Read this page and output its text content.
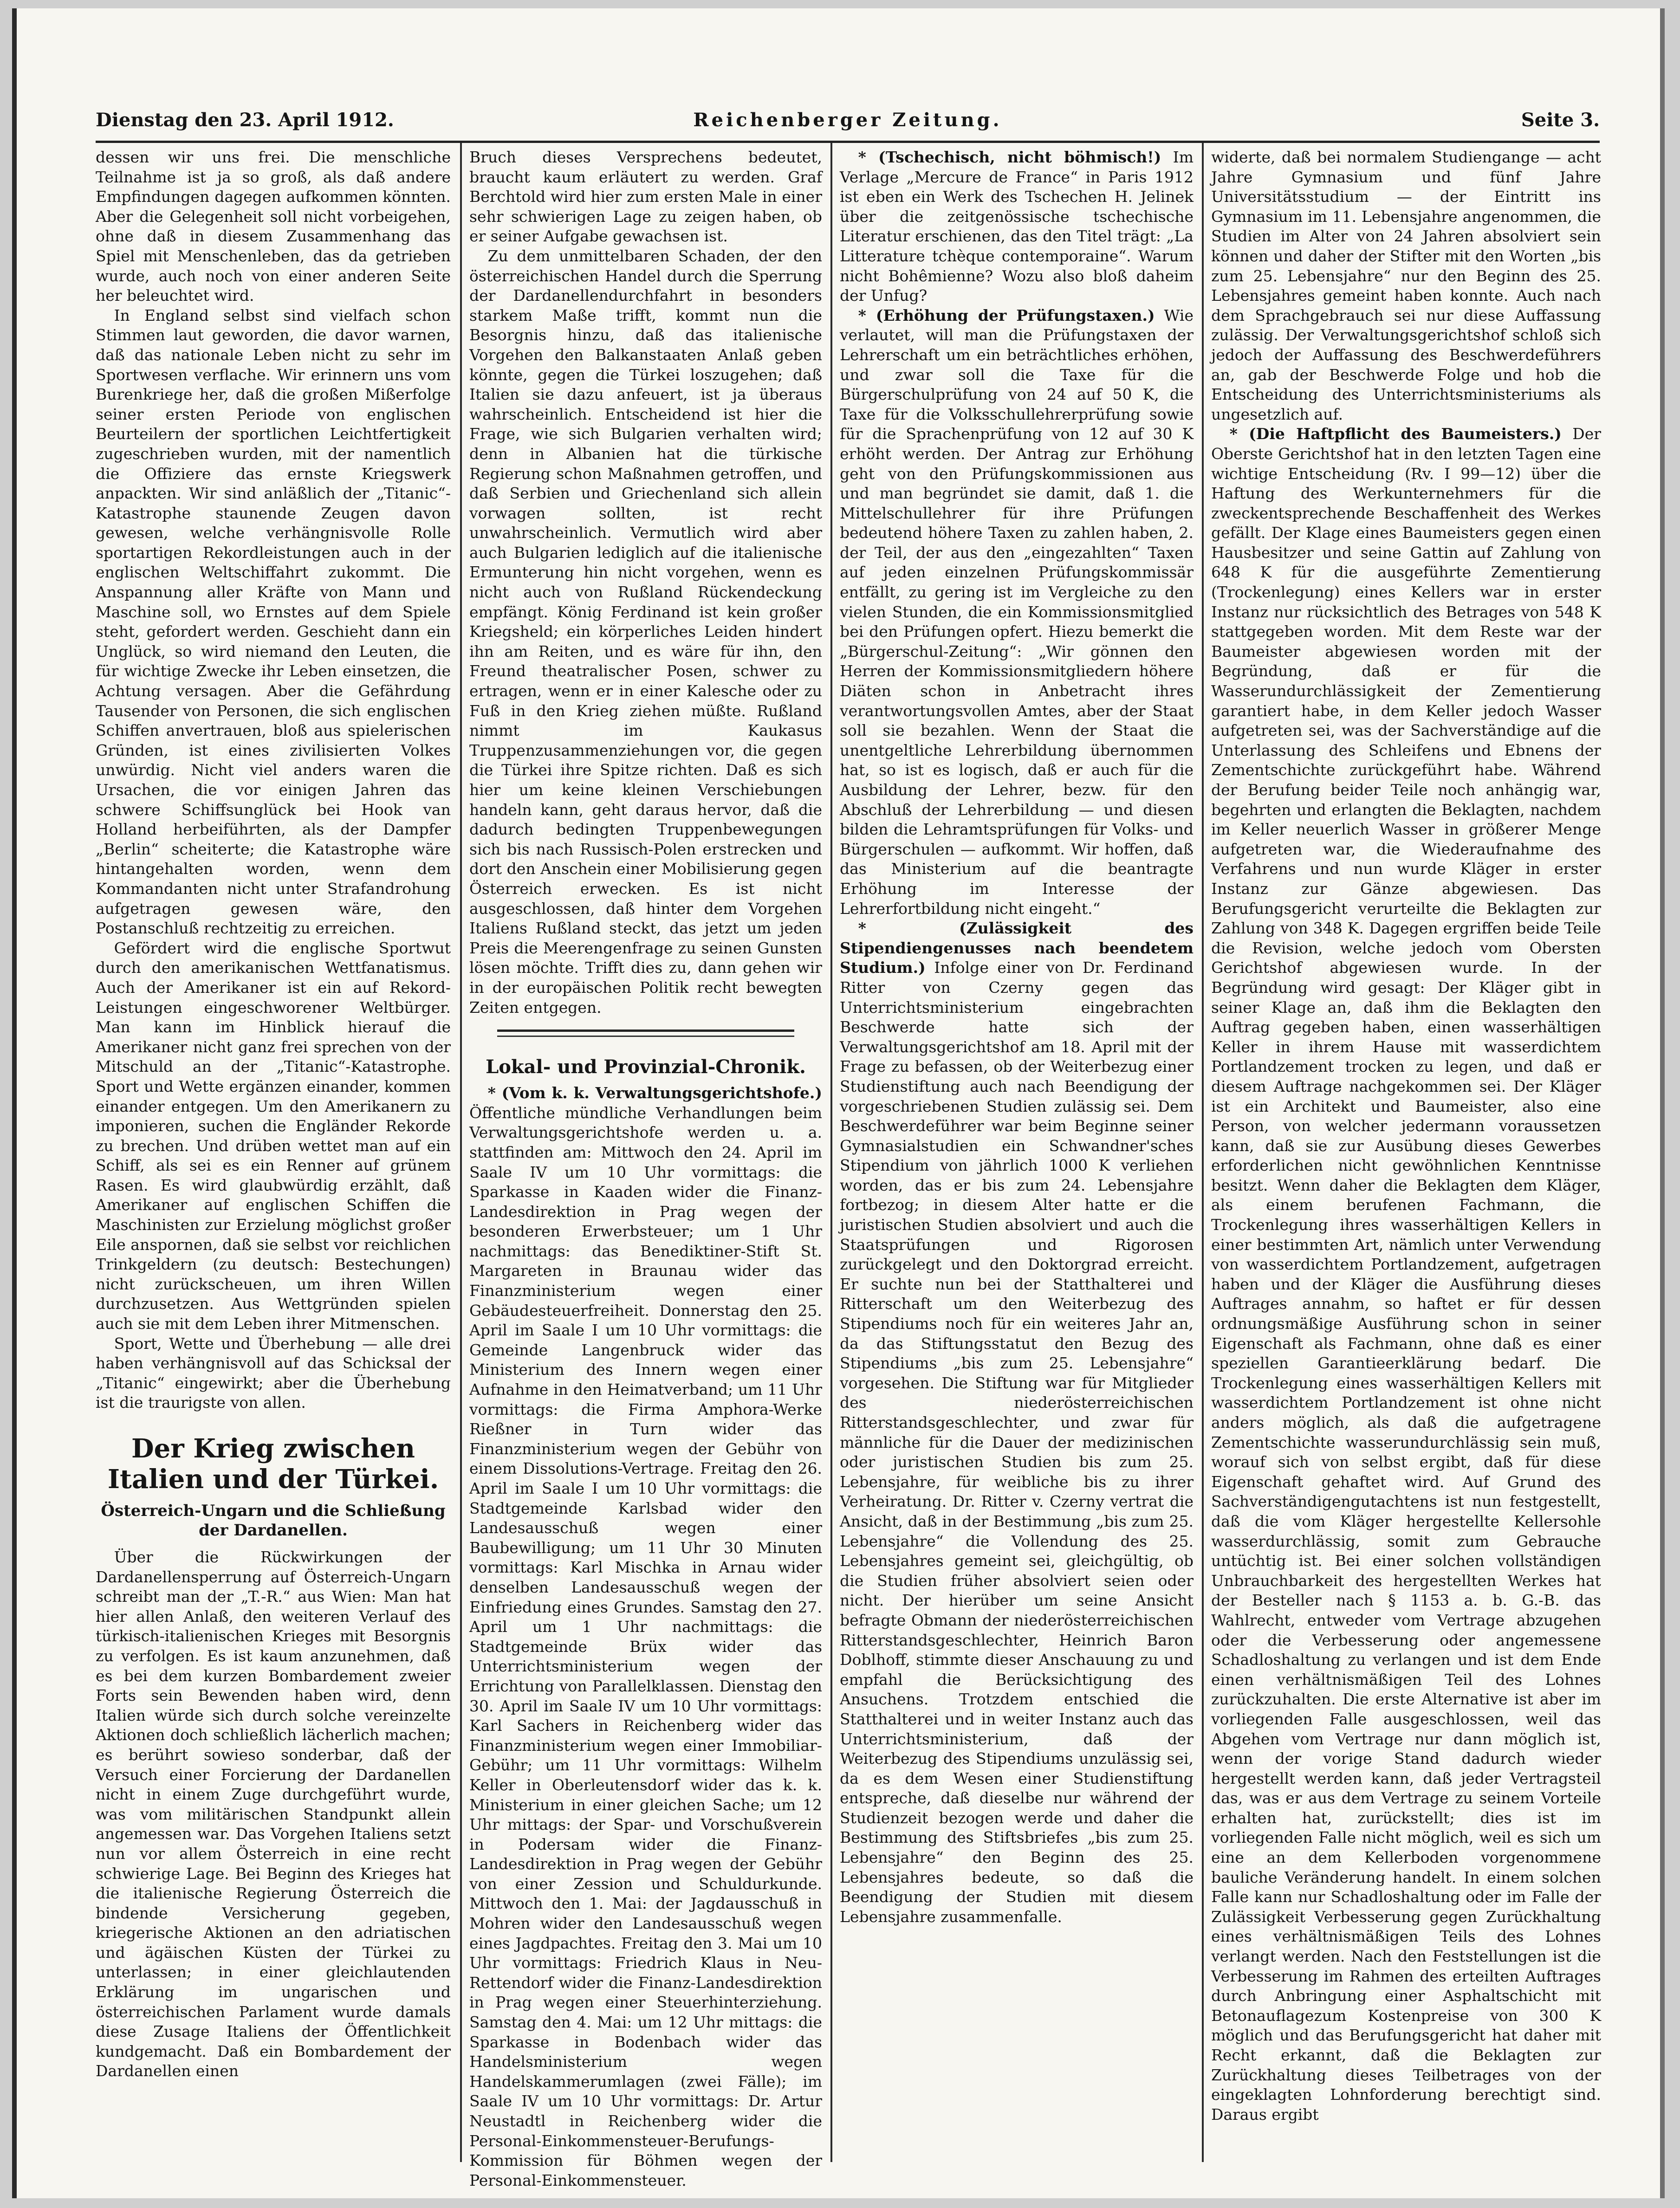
Reichenberger Zeitung.
Dienstag den 23. April 1912.	Seite 3.

dessen wir uns frei. Die menschliche Teilnahme ist ja so groß, als daß andere Empfindungen dagegen aufkommen könnten. Aber die Gelegenheit soll nicht vorbeigehen, ohne daß in diesem Zusammenhang das Spiel mit Menschenleben, das da getrieben wurde, auch noch von einer anderen Seite her beleuchtet wird.

In England selbst sind vielfach schon Stimmen laut geworden, die davor warnen, daß das nationale Leben nicht zu sehr im Sportwesen verflache. Wir erinnern uns vom Burenkriege her, daß die großen Mißerfolge seiner ersten Periode von englischen Beurteilern der sportlichen Leichtfertigkeit zugeschrieben wurden, mit der namentlich die Offiziere das ernste Kriegswerk anpackten. Wir sind anläßlich der „Titanic“-Katastrophe staunende Zeugen davon gewesen, welche verhängnisvolle Rolle sportartigen Rekordleistungen auch in der englischen Weltschiffahrt zukommt. Die Anspannung aller Kräfte von Mann und Maschine soll, wo Ernstes auf dem Spiele steht, gefordert werden. Geschieht dann ein Unglück, so wird niemand den Leuten, die für wichtige Zwecke ihr Leben einsetzen, die Achtung versagen. Aber die Gefährdung Tausender von Personen, die sich englischen Schiffen anvertrauen, bloß aus spielerischen Gründen, ist eines zivilisierten Volkes unwürdig. Nicht viel anders waren die Ursachen, die vor einigen Jahren das schwere Schiffsunglück bei Hook van Holland herbeiführten, als der Dampfer „Berlin“ scheiterte; die Katastrophe wäre hintangehalten worden, wenn dem Kommandanten nicht unter Strafandrohung aufgetragen gewesen wäre, den Postanschluß rechtzeitig zu erreichen.

Gefördert wird die englische Sportwut durch den amerikanischen Wettfanatismus. Auch der Amerikaner ist ein auf Rekord-Leistungen eingeschworener Weltbürger. Man kann im Hinblick hierauf die Amerikaner nicht ganz frei sprechen von der Mitschuld an der „Titanic“-Katastrophe. Sport und Wette ergänzen einander, kommen einander entgegen. Um den Amerikanern zu imponieren, suchen die Engländer Rekorde zu brechen. Und drüben wettet man auf ein Schiff, als sei es ein Renner auf grünem Rasen. Es wird glaubwürdig erzählt, daß Amerikaner auf englischen Schiffen die Maschinisten zur Erzielung möglichst großer Eile anspornen, daß sie selbst vor reichlichen Trinkgeldern (zu deutsch: Bestechungen) nicht zurückscheuen, um ihren Willen durchzusetzen. Aus Wettgründen spielen auch sie mit dem Leben ihrer Mitmenschen.

Sport, Wette und Überhebung — alle drei haben verhängnisvoll auf das Schicksal der „Titanic“ eingewirkt; aber die Überhebung ist die traurigste von allen.

Der Krieg zwischen Italien und der Türkei.
Österreich-Ungarn und die Schließung der Dardanellen.

Über die Rückwirkungen der Dardanellensperrung auf Österreich-Ungarn schreibt man der „T.-R.“ aus Wien: Man hat hier allen Anlaß, den weiteren Verlauf des türkisch-italienischen Krieges mit Besorgnis zu verfolgen. Es ist kaum anzunehmen, daß es bei dem kurzen Bombardement zweier Forts sein Bewenden haben wird, denn Italien würde sich durch solche vereinzelte Aktionen doch schließlich lächerlich machen; es berührt sowieso sonderbar, daß der Versuch einer Forcierung der Dardanellen nicht in einem Zuge durchgeführt wurde, was vom militärischen Standpunkt allein angemessen war. Das Vorgehen Italiens setzt nun vor allem Österreich in eine recht schwierige Lage. Bei Beginn des Krieges hat die italienische Regierung Österreich die bindende Versicherung gegeben, kriegerische Aktionen an den adriatischen und ägäischen Küsten der Türkei zu unterlassen; in einer gleichlautenden Erklärung im ungarischen und österreichischen Parlament wurde damals diese Zusage Italiens der Öffentlichkeit kundgemacht. Daß ein Bombardement der Dardanellen einen

Bruch dieses Versprechens bedeutet, braucht kaum erläutert zu werden. Graf Berchtold wird hier zum ersten Male in einer sehr schwierigen Lage zu zeigen haben, ob er seiner Aufgabe gewachsen ist.

Zu dem unmittelbaren Schaden, der den österreichischen Handel durch die Sperrung der Dardanellendurchfahrt in besonders starkem Maße trifft, kommt nun die Besorgnis hinzu, daß das italienische Vorgehen den Balkanstaaten Anlaß geben könnte, gegen die Türkei loszugehen; daß Italien sie dazu anfeuert, ist ja überaus wahrscheinlich. Entscheidend ist hier die Frage, wie sich Bulgarien verhalten wird; denn in Albanien hat die türkische Regierung schon Maßnahmen getroffen, und daß Serbien und Griechenland sich allein vorwagen sollten, ist recht unwahrscheinlich. Vermutlich wird aber auch Bulgarien lediglich auf die italienische Ermunterung hin nicht vorgehen, wenn es nicht auch von Rußland Rückendeckung empfängt. König Ferdinand ist kein großer Kriegsheld; ein körperliches Leiden hindert ihn am Reiten, und es wäre für ihn, den Freund theatralischer Posen, schwer zu ertragen, wenn er in einer Kalesche oder zu Fuß in den Krieg ziehen müßte. Rußland nimmt im Kaukasus Truppenzusammenziehungen vor, die gegen die Türkei ihre Spitze richten. Daß es sich hier um keine kleinen Verschiebungen handeln kann, geht daraus hervor, daß die dadurch bedingten Truppenbewegungen sich bis nach Russisch-Polen erstrecken und dort den Anschein einer Mobilisierung gegen Österreich erwecken. Es ist nicht ausgeschlossen, daß hinter dem Vorgehen Italiens Rußland steckt, das jetzt um jeden Preis die Meerengenfrage zu seinen Gunsten lösen möchte. Trifft dies zu, dann gehen wir in der europäischen Politik recht bewegten Zeiten entgegen.

Lokal- und Provinzial-Chronik.

* (Vom k. k. Verwaltungsgerichtshofe.) Öffentliche mündliche Verhandlungen beim Verwaltungsgerichtshofe werden u. a. stattfinden am: Mittwoch den 24. April im Saale IV um 10 Uhr vormittags: die Sparkasse in Kaaden wider die Finanz-Landesdirektion in Prag wegen der besonderen Erwerbsteuer; um 1 Uhr nachmittags: das Benediktiner-Stift St. Margareten in Braunau wider das Finanzministerium wegen einer Gebäudesteuerfreiheit. Donnerstag den 25. April im Saale I um 10 Uhr vormittags: die Gemeinde Langenbruck wider das Ministerium des Innern wegen einer Aufnahme in den Heimatverband; um 11 Uhr vormittags: die Firma Amphora-Werke Rießner in Turn wider das Finanzministerium wegen der Gebühr von einem Dissolutions-Vertrage. Freitag den 26. April im Saale I um 10 Uhr vormittags: die Stadtgemeinde Karlsbad wider den Landesausschuß wegen einer Baubewilligung; um 11 Uhr 30 Minuten vormittags: Karl Mischka in Arnau wider denselben Landesausschuß wegen der Einfriedung eines Grundes. Samstag den 27. April um 1 Uhr nachmittags: die Stadtgemeinde Brüx wider das Unterrichtsministerium wegen der Errichtung von Parallelklassen. Dienstag den 30. April im Saale IV um 10 Uhr vormittags: Karl Sachers in Reichenberg wider das Finanzministerium wegen einer Immobiliar-Gebühr; um 11 Uhr vormittags: Wilhelm Keller in Oberleutensdorf wider das k. k. Ministerium in einer gleichen Sache; um 12 Uhr mittags: der Spar- und Vorschußverein in Podersam wider die Finanz-Landesdirektion in Prag wegen der Gebühr von einer Zession und Schuldurkunde. Mittwoch den 1. Mai: der Jagdausschuß in Mohren wider den Landesausschuß wegen eines Jagdpachtes. Freitag den 3. Mai um 10 Uhr vormittags: Friedrich Klaus in Neu-Rettendorf wider die Finanz-Landesdirektion in Prag wegen einer Steuerhinterziehung. Samstag den 4. Mai: um 12 Uhr mittags: die Sparkasse in Bodenbach wider das Handelsministerium wegen Handelskammerumlagen (zwei Fälle); im Saale IV um 10 Uhr vormittags: Dr. Artur Neustadtl in Reichenberg wider die Personal-Einkommensteuer-Berufungs-Kommission für Böhmen wegen der Personal-Einkommensteuer.

* (Tschechisch, nicht böhmisch!) Im Verlage „Mercure de France“ in Paris 1912 ist eben ein Werk des Tschechen H. Jelinek über die zeitgenössische tschechische Literatur erschienen, das den Titel trägt: „La Litterature tchèque contemporaine“. Warum nicht Bohêmienne? Wozu also bloß daheim der Unfug?

* (Erhöhung der Prüfungstaxen.) Wie verlautet, will man die Prüfungstaxen der Lehrerschaft um ein beträchtliches erhöhen, und zwar soll die Taxe für die Bürgerschulprüfung von 24 auf 50 K, die Taxe für die Volksschullehrerprüfung sowie für die Sprachenprüfung von 12 auf 30 K erhöht werden. Der Antrag zur Erhöhung geht von den Prüfungskommissionen aus und man begründet sie damit, daß 1. die Mittelschullehrer für ihre Prüfungen bedeutend höhere Taxen zu zahlen haben, 2. der Teil, der aus den „eingezahlten“ Taxen auf jeden einzelnen Prüfungskommissär entfällt, zu gering ist im Vergleiche zu den vielen Stunden, die ein Kommissionsmitglied bei den Prüfungen opfert. Hiezu bemerkt die „Bürgerschul-Zeitung“: „Wir gönnen den Herren der Kommissionsmitgliedern höhere Diäten schon in Anbetracht ihres verantwortungsvollen Amtes, aber der Staat soll sie bezahlen. Wenn der Staat die unentgeltliche Lehrerbildung übernommen hat, so ist es logisch, daß er auch für die Ausbildung der Lehrer, bezw. für den Abschluß der Lehrerbildung — und diesen bilden die Lehramtsprüfungen für Volks- und Bürgerschulen — aufkommt. Wir hoffen, daß das Ministerium auf die beantragte Erhöhung im Interesse der Lehrerfortbildung nicht eingeht.“

* (Zulässigkeit des Stipendiengenusses nach beendetem Studium.) Infolge einer von Dr. Ferdinand Ritter von Czerny gegen das Unterrichtsministerium eingebrachten Beschwerde hatte sich der Verwaltungsgerichtshof am 18. April mit der Frage zu befassen, ob der Weiterbezug einer Studienstiftung auch nach Beendigung der vorgeschriebenen Studien zulässig sei. Dem Beschwerdeführer war beim Beginne seiner Gymnasialstudien ein Schwandner'sches Stipendium von jährlich 1000 K verliehen worden, das er bis zum 24. Lebensjahre fortbezog; in diesem Alter hatte er die juristischen Studien absolviert und auch die Staatsprüfungen und Rigorosen zurückgelegt und den Doktorgrad erreicht. Er suchte nun bei der Statthalterei und Ritterschaft um den Weiterbezug des Stipendiums noch für ein weiteres Jahr an, da das Stiftungsstatut den Bezug des Stipendiums „bis zum 25. Lebensjahre“ vorgesehen. Die Stiftung war für Mitglieder des niederösterreichischen Ritterstandsgeschlechter, und zwar für männliche für die Dauer der medizinischen oder juristischen Studien bis zum 25. Lebensjahre, für weibliche bis zu ihrer Verheiratung. Dr. Ritter v. Czerny vertrat die Ansicht, daß in der Bestimmung „bis zum 25. Lebensjahre“ die Vollendung des 25. Lebensjahres gemeint sei, gleichgültig, ob die Studien früher absolviert seien oder nicht. Der hierüber um seine Ansicht befragte Obmann der niederösterreichischen Ritterstandsgeschlechter, Heinrich Baron Doblhoff, stimmte dieser Anschauung zu und empfahl die Berücksichtigung des Ansuchens. Trotzdem entschied die Statthalterei und in weiter Instanz auch das Unterrichtsministerium, daß der Weiterbezug des Stipendiums unzulässig sei, da es dem Wesen einer Studienstiftung entspreche, daß dieselbe nur während der Studienzeit bezogen werde und daher die Bestimmung des Stiftsbriefes „bis zum 25. Lebensjahre“ den Beginn des 25. Lebensjahres bedeute, so daß die Beendigung der Studien mit diesem Lebensjahre zusammenfalle.

widerte, daß bei normalem Studiengange — acht Jahre Gymnasium und fünf Jahre Universitätsstudium — der Eintritt ins Gymnasium im 11. Lebensjahre angenommen, die Studien im Alter von 24 Jahren absolviert sein können und daher der Stifter mit den Worten „bis zum 25. Lebensjahre“ nur den Beginn des 25. Lebensjahres gemeint haben konnte. Auch nach dem Sprachgebrauch sei nur diese Auffassung zulässig. Der Verwaltungsgerichtshof schloß sich jedoch der Auffassung des Beschwerdeführers an, gab der Beschwerde Folge und hob die Entscheidung des Unterrichtsministeriums als ungesetzlich auf.

* (Die Haftpflicht des Baumeisters.) Der Oberste Gerichtshof hat in den letzten Tagen eine wichtige Entscheidung (Rv. I 99—12) über die Haftung des Werkunternehmers für die zweckentsprechende Beschaffenheit des Werkes gefällt. Der Klage eines Baumeisters gegen einen Hausbesitzer und seine Gattin auf Zahlung von 648 K für die ausgeführte Zementierung (Trockenlegung) eines Kellers war in erster Instanz nur rücksichtlich des Betrages von 548 K stattgegeben worden. Mit dem Reste war der Baumeister abgewiesen worden mit der Begründung, daß er für die Wasserundurchlässigkeit der Zementierung garantiert habe, in dem Keller jedoch Wasser aufgetreten sei, was der Sachverständige auf die Unterlassung des Schleifens und Ebnens der Zementschichte zurückgeführt habe. Während der Berufung beider Teile noch anhängig war, begehrten und erlangten die Beklagten, nachdem im Keller neuerlich Wasser in größerer Menge aufgetreten war, die Wiederaufnahme des Verfahrens und nun wurde Kläger in erster Instanz zur Gänze abgewiesen. Das Berufungsgericht verurteilte die Beklagten zur Zahlung von 348 K. Dagegen ergriffen beide Teile die Revision, welche jedoch vom Obersten Gerichtshof abgewiesen wurde. In der Begründung wird gesagt: Der Kläger gibt in seiner Klage an, daß ihm die Beklagten den Auftrag gegeben haben, einen wasserhältigen Keller in ihrem Hause mit wasserdichtem Portlandzement trocken zu legen, und daß er diesem Auftrage nachgekommen sei. Der Kläger ist ein Architekt und Baumeister, also eine Person, von welcher jedermann voraussetzen kann, daß sie zur Ausübung dieses Gewerbes erforderlichen nicht gewöhnlichen Kenntnisse besitzt. Wenn daher die Beklagten dem Kläger, als einem berufenen Fachmann, die Trockenlegung ihres wasserhältigen Kellers in einer bestimmten Art, nämlich unter Verwendung von wasserdichtem Portlandzement, aufgetragen haben und der Kläger die Ausführung dieses Auftrages annahm, so haftet er für dessen ordnungsmäßige Ausführung schon in seiner Eigenschaft als Fachmann, ohne daß es einer speziellen Garantieerklärung bedarf. Die Trockenlegung eines wasserhältigen Kellers mit wasserdichtem Portlandzement ist ohne nicht anders möglich, als daß die aufgetragene Zementschichte wasserundurchlässig sein muß, worauf sich von selbst ergibt, daß für diese Eigenschaft gehaftet wird. Auf Grund des Sachverständigengutachtens ist nun festgestellt, daß die vom Kläger hergestellte Kellersohle wasserdurchlässig, somit zum Gebrauche untüchtig ist. Bei einer solchen vollständigen Unbrauchbarkeit des hergestellten Werkes hat der Besteller nach § 1153 a. b. G.-B. das Wahlrecht, entweder vom Vertrage abzugehen oder die Verbesserung oder angemessene Schadloshaltung zu verlangen und ist dem Ende einen verhältnismäßigen Teil des Lohnes zurückzuhalten. Die erste Alternative ist aber im vorliegenden Falle ausgeschlossen, weil das Abgehen vom Vertrage nur dann möglich ist, wenn der vorige Stand dadurch wieder hergestellt werden kann, daß jeder Vertragsteil das, was er aus dem Vertrage zu seinem Vorteile erhalten hat, zurückstellt; dies ist im vorliegenden Falle nicht möglich, weil es sich um eine an dem Kellerboden vorgenommene bauliche Veränderung handelt. In einem solchen Falle kann nur Schadloshaltung oder im Falle der Zulässigkeit Verbesserung gegen Zurückhaltung eines verhältnismäßigen Teils des Lohnes verlangt werden. Nach den Feststellungen ist die Verbesserung im Rahmen des erteilten Auftrages durch Anbringung einer Asphaltschicht mit Betonauflagezum Kostenpreise von 300 K möglich und das Berufungsgericht hat daher mit Recht erkannt, daß die Beklagten zur Zurückhaltung dieses Teilbetrages von der eingeklagten Lohnforderung berechtigt sind. Daraus ergibt
